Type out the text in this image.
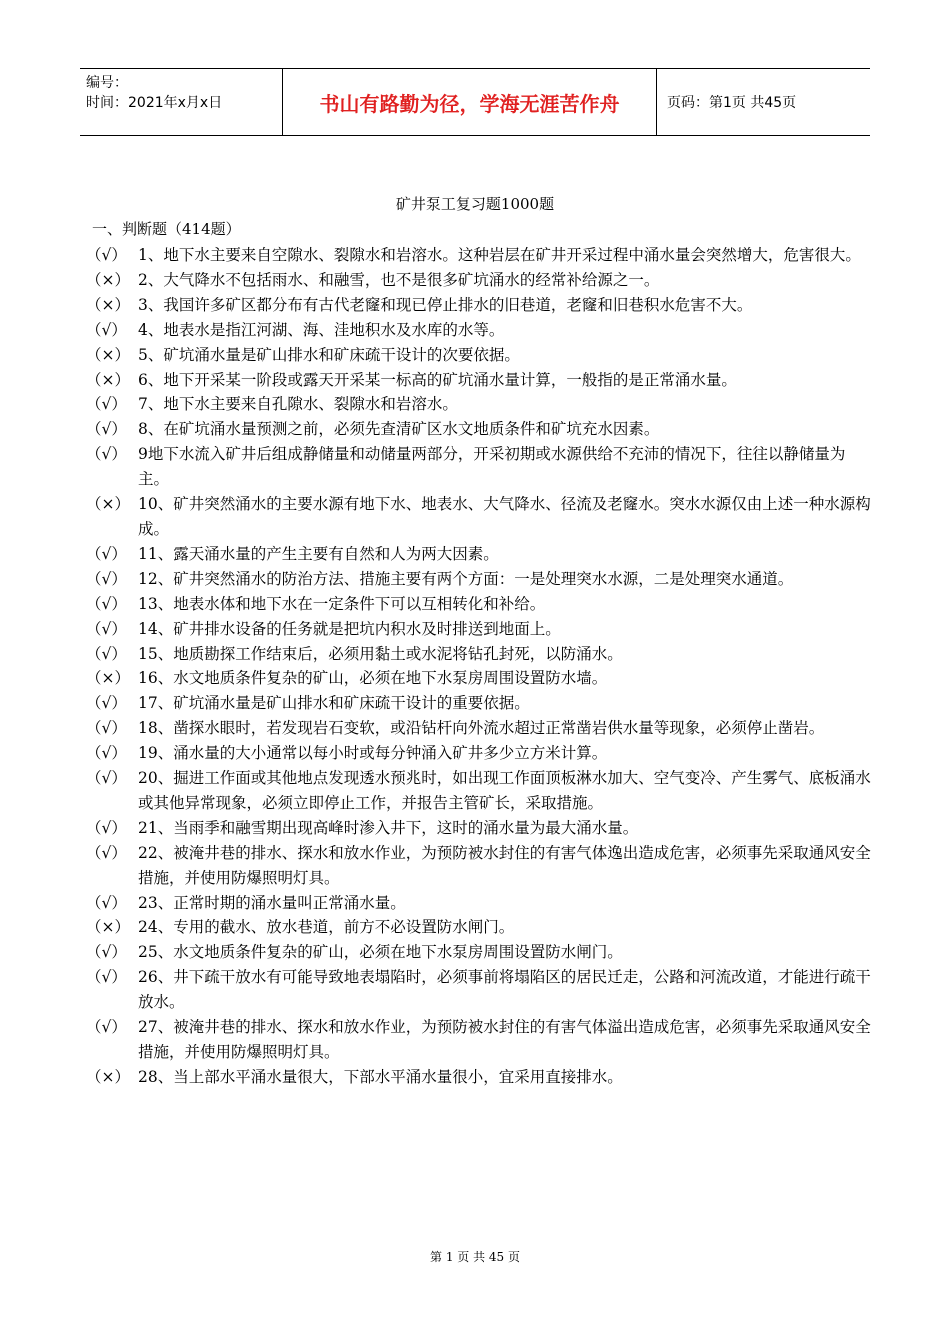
编号：
时间：2021年x月x日	书山有路勤为径，学海无涯苦作舟	页码：第1页 共45页
矿井泵工复习题1000题
一、判断题（414题）
（√） 1、地下水主要来自空隙水、裂隙水和岩溶水。这种岩层在矿井开采过程中涌水量会突然增大，危害很大。
（×） 2、大气降水不包括雨水、和融雪，也不是很多矿坑涌水的经常补给源之一。
（×） 3、我国许多矿区都分布有古代老窿和现已停止排水的旧巷道，老窿和旧巷积水危害不大。
（√） 4、地表水是指江河湖、海、洼地积水及水库的水等。
（×） 5、矿坑涌水量是矿山排水和矿床疏干设计的次要依据。
（×） 6、地下开采某一阶段或露天开采某一标高的矿坑涌水量计算，一般指的是正常涌水量。
（√） 7、地下水主要来自孔隙水、裂隙水和岩溶水。
（√） 8、在矿坑涌水量预测之前，必须先查清矿区水文地质条件和矿坑充水因素。
（√） 9地下水流入矿井后组成静储量和动储量两部分，开采初期或水源供给不充沛的情况下，往往以静储量为主。
（×） 10、矿井突然涌水的主要水源有地下水、地表水、大气降水、径流及老窿水。突水水源仅由上述一种水源构成。
（√） 11、露天涌水量的产生主要有自然和人为两大因素。
（√） 12、矿井突然涌水的防治方法、措施主要有两个方面：一是处理突水水源，二是处理突水通道。
（√） 13、地表水体和地下水在一定条件下可以互相转化和补给。
（√） 14、矿井排水设备的任务就是把坑内积水及时排送到地面上。
（√） 15、地质勘探工作结束后，必须用黏土或水泥将钻孔封死，以防涌水。
（×） 16、水文地质条件复杂的矿山，必须在地下水泵房周围设置防水墙。
（√） 17、矿坑涌水量是矿山排水和矿床疏干设计的重要依据。
（√） 18、凿探水眼时，若发现岩石变软，或沿钻杆向外流水超过正常凿岩供水量等现象，必须停止凿岩。
（√） 19、涌水量的大小通常以每小时或每分钟涌入矿井多少立方米计算。
（√） 20、掘进工作面或其他地点发现透水预兆时，如出现工作面顶板淋水加大、空气变冷、产生雾气、底板涌水或其他异常现象，必须立即停止工作，并报告主管矿长，采取措施。
（√） 21、当雨季和融雪期出现高峰时渗入井下，这时的涌水量为最大涌水量。
（√） 22、被淹井巷的排水、探水和放水作业，为预防被水封住的有害气体逸出造成危害，必须事先采取通风安全措施，并使用防爆照明灯具。
（√） 23、正常时期的涌水量叫正常涌水量。
（×） 24、专用的截水、放水巷道，前方不必设置防水闸门。
（√） 25、水文地质条件复杂的矿山，必须在地下水泵房周围设置防水闸门。
（√） 26、井下疏干放水有可能导致地表塌陷时，必须事前将塌陷区的居民迁走，公路和河流改道，才能进行疏干放水。
（√） 27、被淹井巷的排水、探水和放水作业，为预防被水封住的有害气体溢出造成危害，必须事先采取通风安全措施，并使用防爆照明灯具。
（×） 28、当上部水平涌水量很大，下部水平涌水量很小，宜采用直接排水。
第 1 页 共 45 页
